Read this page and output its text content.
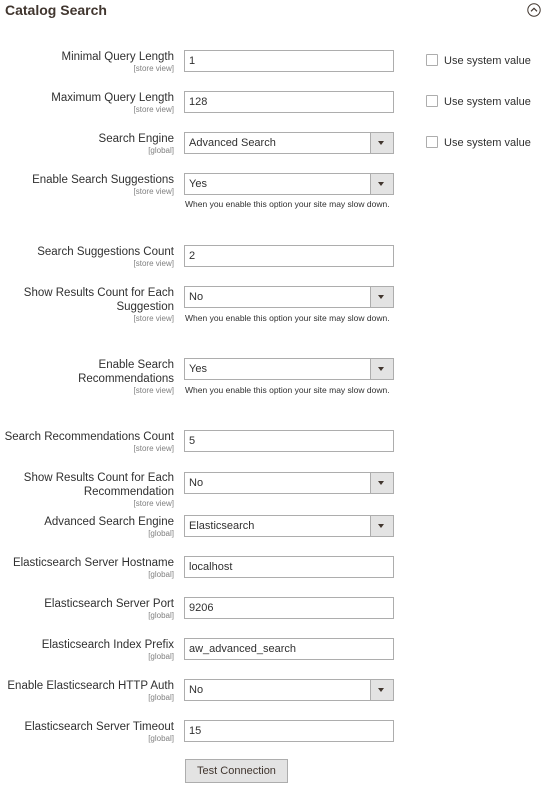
Catalog Search
Minimal Query Length
[store view]
1
Use system value
Maximum Query Length
[store view]
128
Use system value
Search Engine
[global]
Advanced Search	Use system value
Enable Search Suggestions
[store view]
Yes
When you enable this option your site may slow down.
Search Suggestions Count
[store view]
2
Show Results Count for Each
Suggestion
[store view]
No
When you enable this option your site may slow down.
Enable Search Recommendations
[store view]
Yes
When you enable this option your site may slow down.
Search Recommendations Count
[store view]
5
Show Results Count for Each
Recommendation
[store view]
No
Advanced Search Engine
[global]
Elasticsearch
Elasticsearch Server Hostname
[global]
localhost
Elasticsearch Server Port
[global]
9206
Elasticsearch Index Prefix
[global]
aw_advanced_search
Enable Elasticsearch HTTP Auth
[global]
No
Elasticsearch Server Timeout
[global]
15
Test Connection
